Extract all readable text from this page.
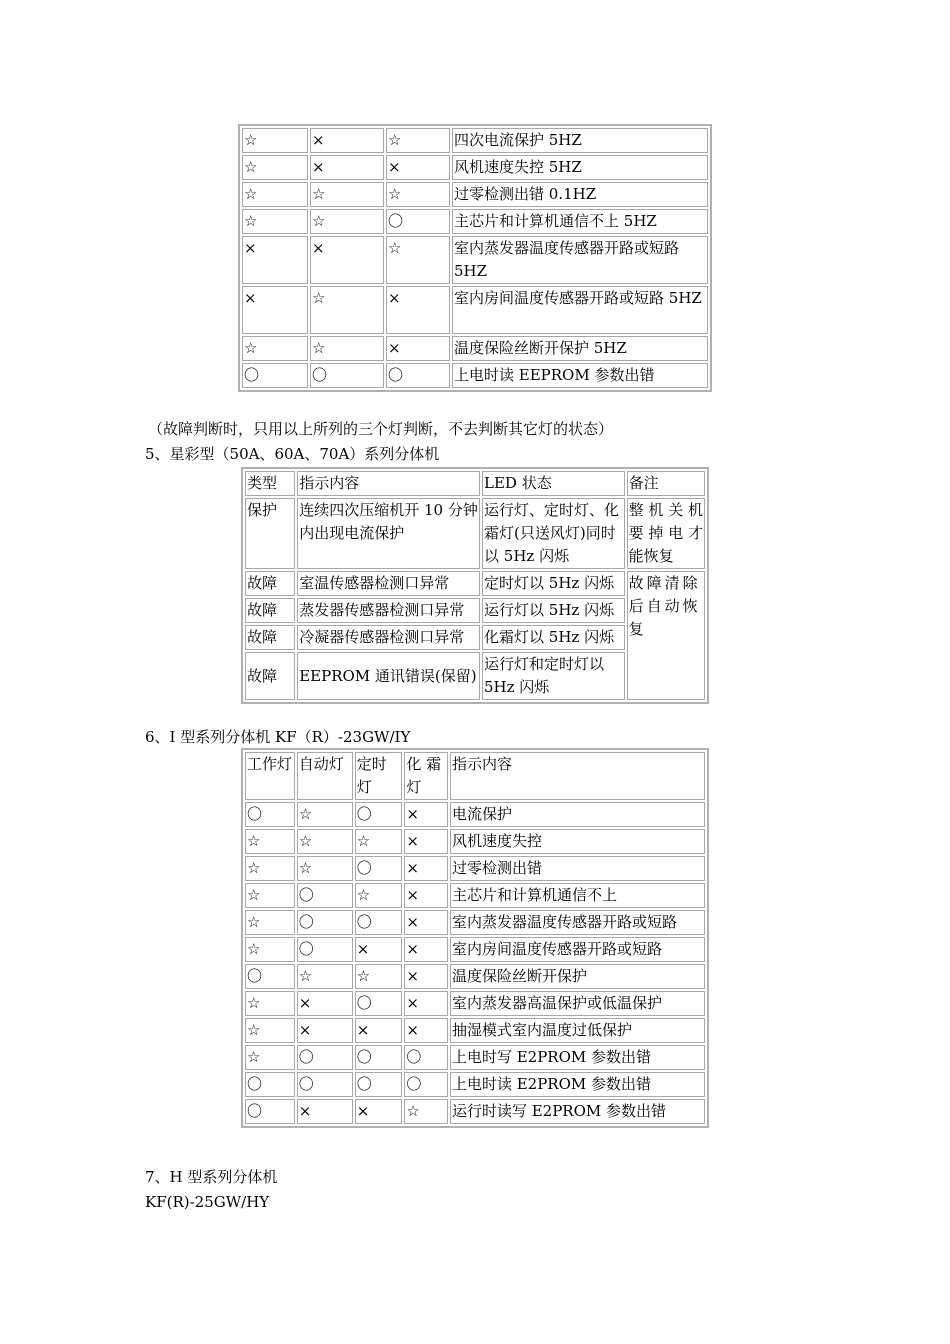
☆	×	☆	四次电流保护 5HZ
☆	×	×	风机速度失控 5HZ
☆	☆	☆	过零检测出错 0.1HZ
☆	☆	〇	主芯片和计算机通信不上 5HZ
×	×	☆	室内蒸发器温度传感器开路或短路 5HZ
×	☆	×	室内房间温度传感器开路或短路 5HZ
☆	☆	×	温度保险丝断开保护 5HZ
〇	〇	〇	上电时读 EEPROM 参数出错
（故障判断时，只用以上所列的三个灯判断，不去判断其它灯的状态）
5、星彩型（50A、60A、70A）系列分体机
类型	指示内容	LED 状态	备注
保护	连续四次压缩机开 10 分钟内出现电流保护	运行灯、定时灯、化霜灯(只送风灯)同时以 5Hz 闪烁	整机关机要掉电才能恢复
故障	室温传感器检测口异常	定时灯以 5Hz 闪烁	故障清除后自动恢复
故障	蒸发器传感器检测口异常	运行灯以 5Hz 闪烁	
故障	冷凝器传感器检测口异常	化霜灯以 5Hz 闪烁	
故障	EEPROM 通讯错误(保留)	运行灯和定时灯以 5Hz 闪烁	
6、I 型系列分体机 KF（R）-23GW/IY
工作灯	自动灯	定时灯	化 霜灯	指示内容
〇	☆	〇	×	电流保护
☆	☆	☆	×	风机速度失控
☆	☆	〇	×	过零检测出错
☆	〇	☆	×	主芯片和计算机通信不上
☆	〇	〇	×	室内蒸发器温度传感器开路或短路
☆	〇	×	×	室内房间温度传感器开路或短路
〇	☆	☆	×	温度保险丝断开保护
☆	×	〇	×	室内蒸发器高温保护或低温保护
☆	×	×	×	抽湿模式室内温度过低保护
☆	〇	〇	〇	上电时写 E2PROM 参数出错
〇	〇	〇	〇	上电时读 E2PROM 参数出错
〇	×	×	☆	运行时读写 E2PROM 参数出错
7、H 型系列分体机
KF(R)-25GW/HY
